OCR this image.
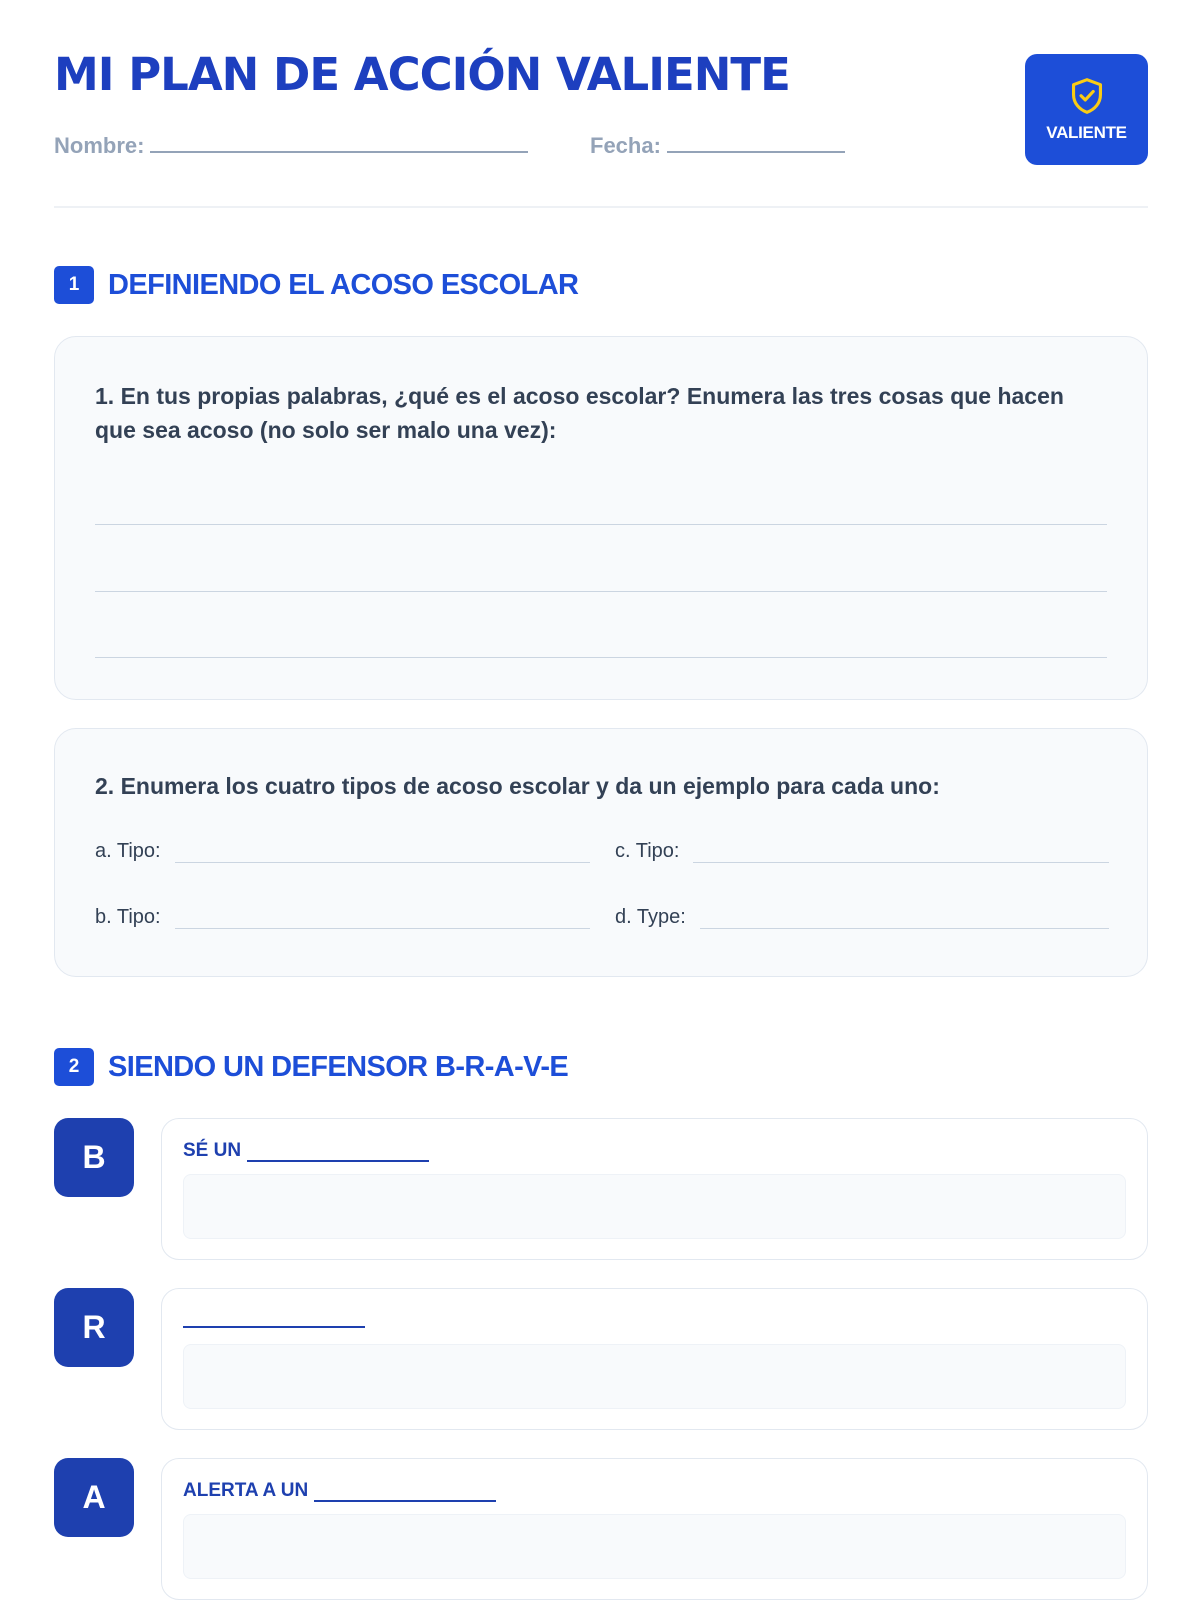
MI PLAN DE ACCIÓN VALIENTE
Nombre:	Fecha:
VALIENTE
1 DEFINIENDO EL ACOSO ESCOLAR
1. En tus propias palabras, ¿qué es el acoso escolar? Enumera las tres cosas que hacen que sea acoso (no solo ser malo una vez):
2. Enumera los cuatro tipos de acoso escolar y da un ejemplo para cada uno:
a. Tipo:	c. Tipo:
b. Tipo:	d. Type:
2 SIENDO UN DEFENSOR B-R-A-V-E
B	SÉ UN
R
A	ALERTA A UN
